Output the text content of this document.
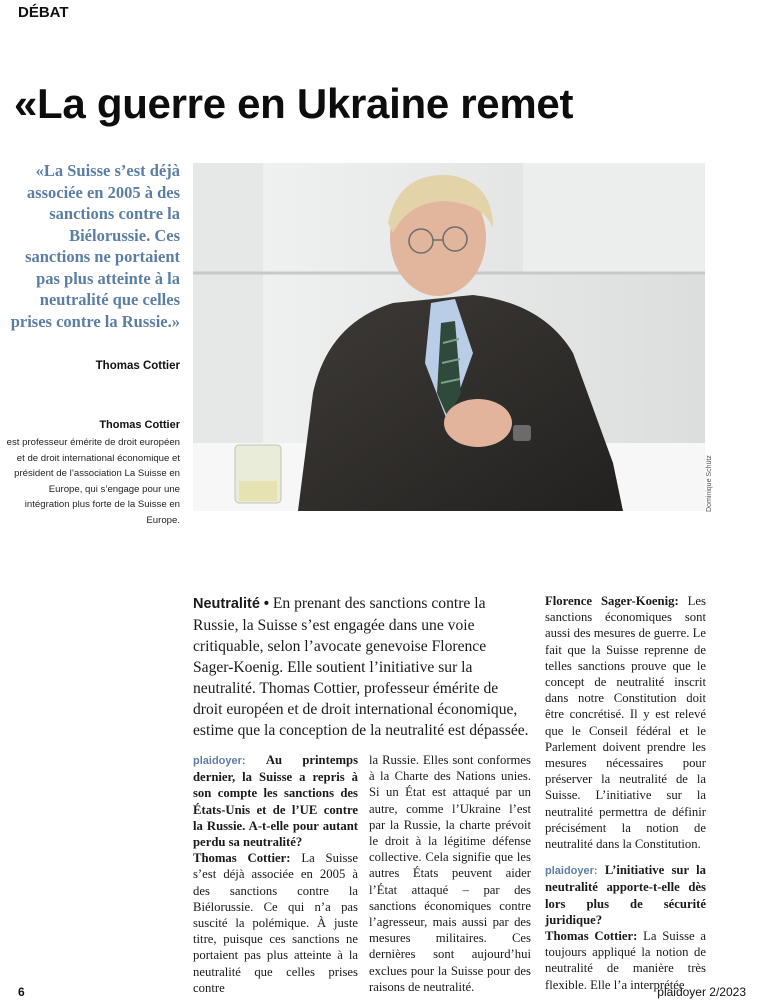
DÉBAT
«La guerre en Ukraine remet
«La Suisse s’est déjà associée en 2005 à des sanctions contre la Biélorussie. Ces sanctions ne portaient pas plus atteinte à la neutralité que celles prises contre la Russie.»
Thomas Cottier
Thomas Cottier
est professeur émérite de droit européen et de droit international économique et président de l’association La Suisse en Europe, qui s’engage pour une intégration plus forte de la Suisse en Europe.
Dominique Schütz
Neutralité • En prenant des sanctions contre la Russie, la Suisse s’est engagée dans une voie critiquable, selon l’avocate genevoise Florence Sager-Koenig. Elle soutient l’initiative sur la neutralité. Thomas Cottier, professeur émérite de droit européen et de droit international économique, estime que la conception de la neutralité est dépassée.

plaidoyer: Au printemps dernier, la Suisse a repris à son compte les sanctions des États-Unis et de l’UE contre la Russie. A-t-elle pour autant perdu sa neutralité?

Thomas Cottier: La Suisse s’est déjà associée en 2005 à des sanctions contre la Biélorussie. Ce qui n’a pas suscité la polémique. À juste titre, puisque ces sanctions ne portaient pas plus atteinte à la neutralité que celles prises contre

la Russie. Elles sont conformes à la Charte des Nations unies. Si un État est attaqué par un autre, comme l’Ukraine l’est par la Russie, la charte prévoit le droit à la légitime défense collective. Cela signifie que les autres États peuvent aider l’État attaqué – par des sanctions économiques contre l’agresseur, mais aussi par des mesures militaires. Ces dernières sont aujourd’hui exclues pour la Suisse pour des raisons de neutralité.

Florence Sager-Koenig: Les sanctions économiques sont aussi des mesures de guerre. Le fait que la Suisse reprenne de telles sanctions prouve que le concept de neutralité inscrit dans notre Constitution doit être concrétisé. Il y est relevé que le Conseil fédéral et le Parlement doivent prendre les mesures nécessaires pour préserver la neutralité de la Suisse. L’initiative sur la neutralité permettra de définir précisément la notion de neutralité dans la Constitution.

plaidoyer: L’initiative sur la neutralité apporte-t-elle dès lors plus de sécurité juridique?

Thomas Cottier: La Suisse a toujours appliqué la notion de neutralité de manière très flexible. Elle l’a interprétée

6	plaidoyer 2/2023
